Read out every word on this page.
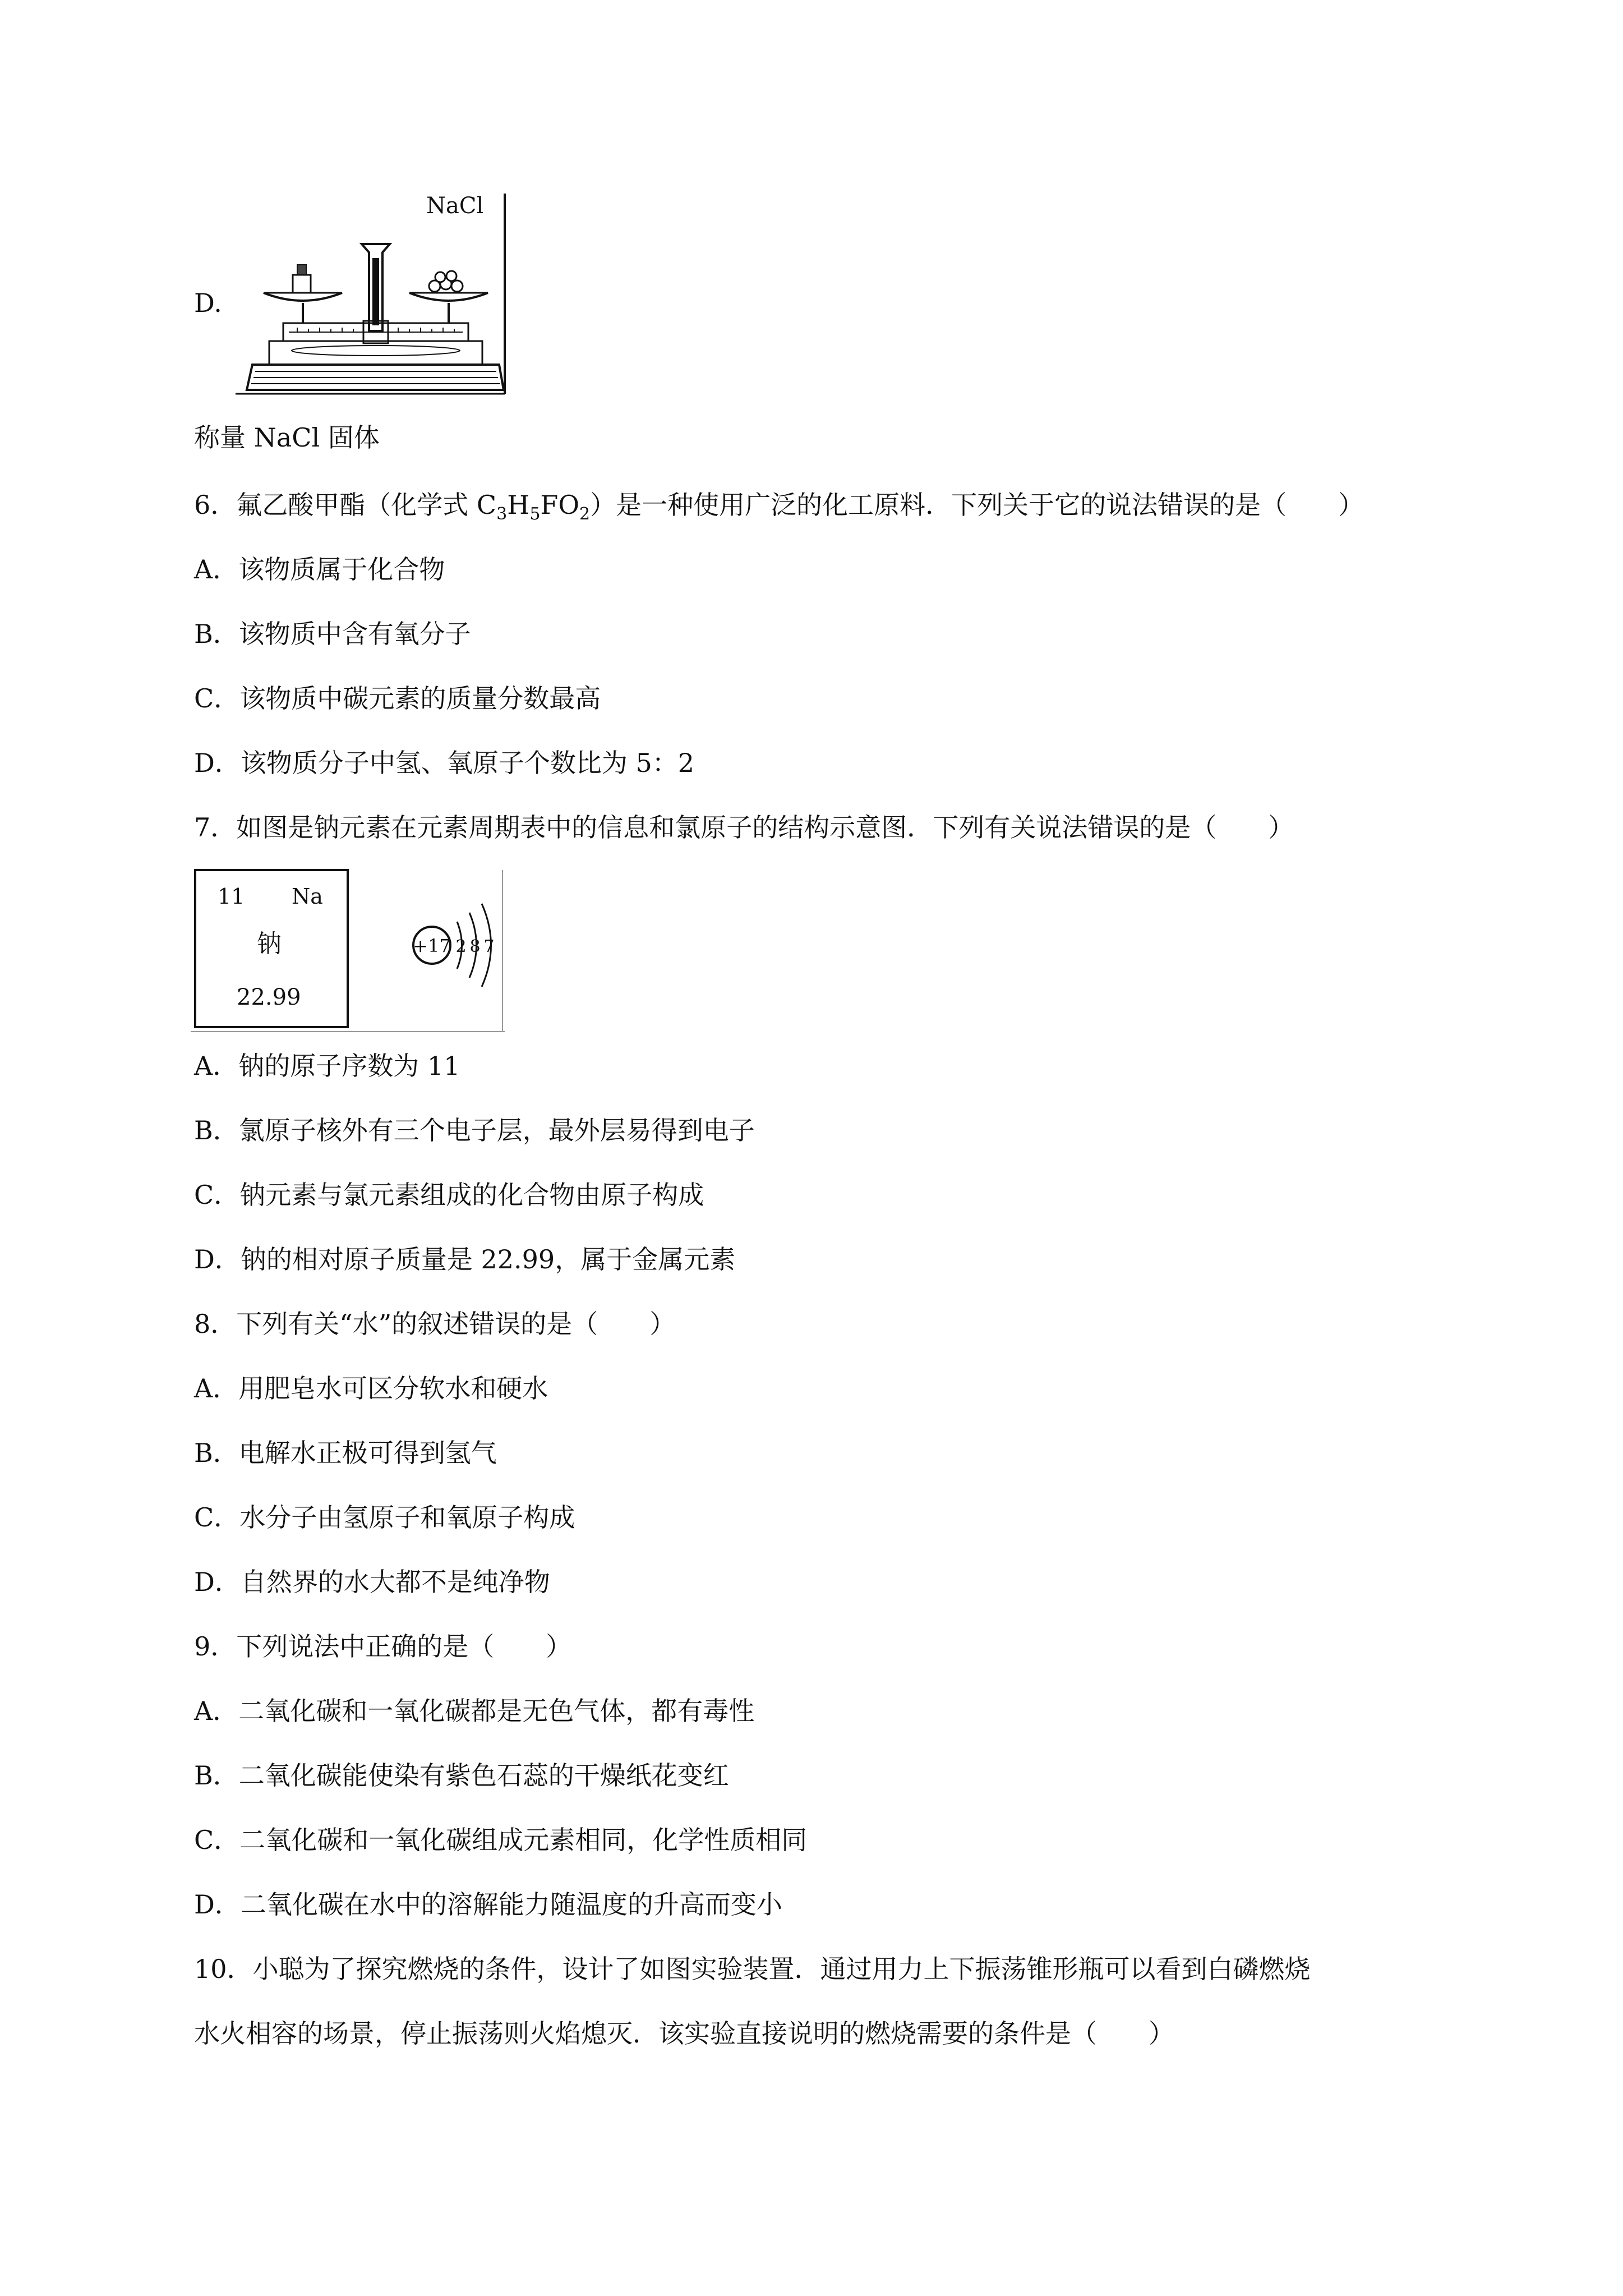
D.

NaCl

称量 NaCl 固体

6．氟乙酸甲酯（化学式 $C_3H_5FO_2$）是一种使用广泛的化工原料．下列关于它的说法错误的是（　　）

A．该物质属于化合物

B．该物质中含有氧分子

C．该物质中碳元素的质量分数最高

D．该物质分子中氢、氧原子个数比为 5：2

7．如图是钠元素在元素周期表中的信息和氯原子的结构示意图．下列有关说法错误的是（　　）

11 Na
钠
22.99
+17 2 8 7

A．钠的原子序数为 11

B．氯原子核外有三个电子层，最外层易得到电子

C．钠元素与氯元素组成的化合物由原子构成

D．钠的相对原子质量是 22.99，属于金属元素

8．下列有关“水”的叙述错误的是（　　）

A．用肥皂水可区分软水和硬水

B．电解水正极可得到氢气

C．水分子由氢原子和氧原子构成

D．自然界的水大都不是纯净物

9．下列说法中正确的是（　　）

A．二氧化碳和一氧化碳都是无色气体，都有毒性

B．二氧化碳能使染有紫色石蕊的干燥纸花变红

C．二氧化碳和一氧化碳组成元素相同，化学性质相同

D．二氧化碳在水中的溶解能力随温度的升高而变小

10．小聪为了探究燃烧的条件，设计了如图实验装置．通过用力上下振荡锥形瓶可以看到白磷燃烧

水火相容的场景，停止振荡则火焰熄灭．该实验直接说明的燃烧需要的条件是（　　）
